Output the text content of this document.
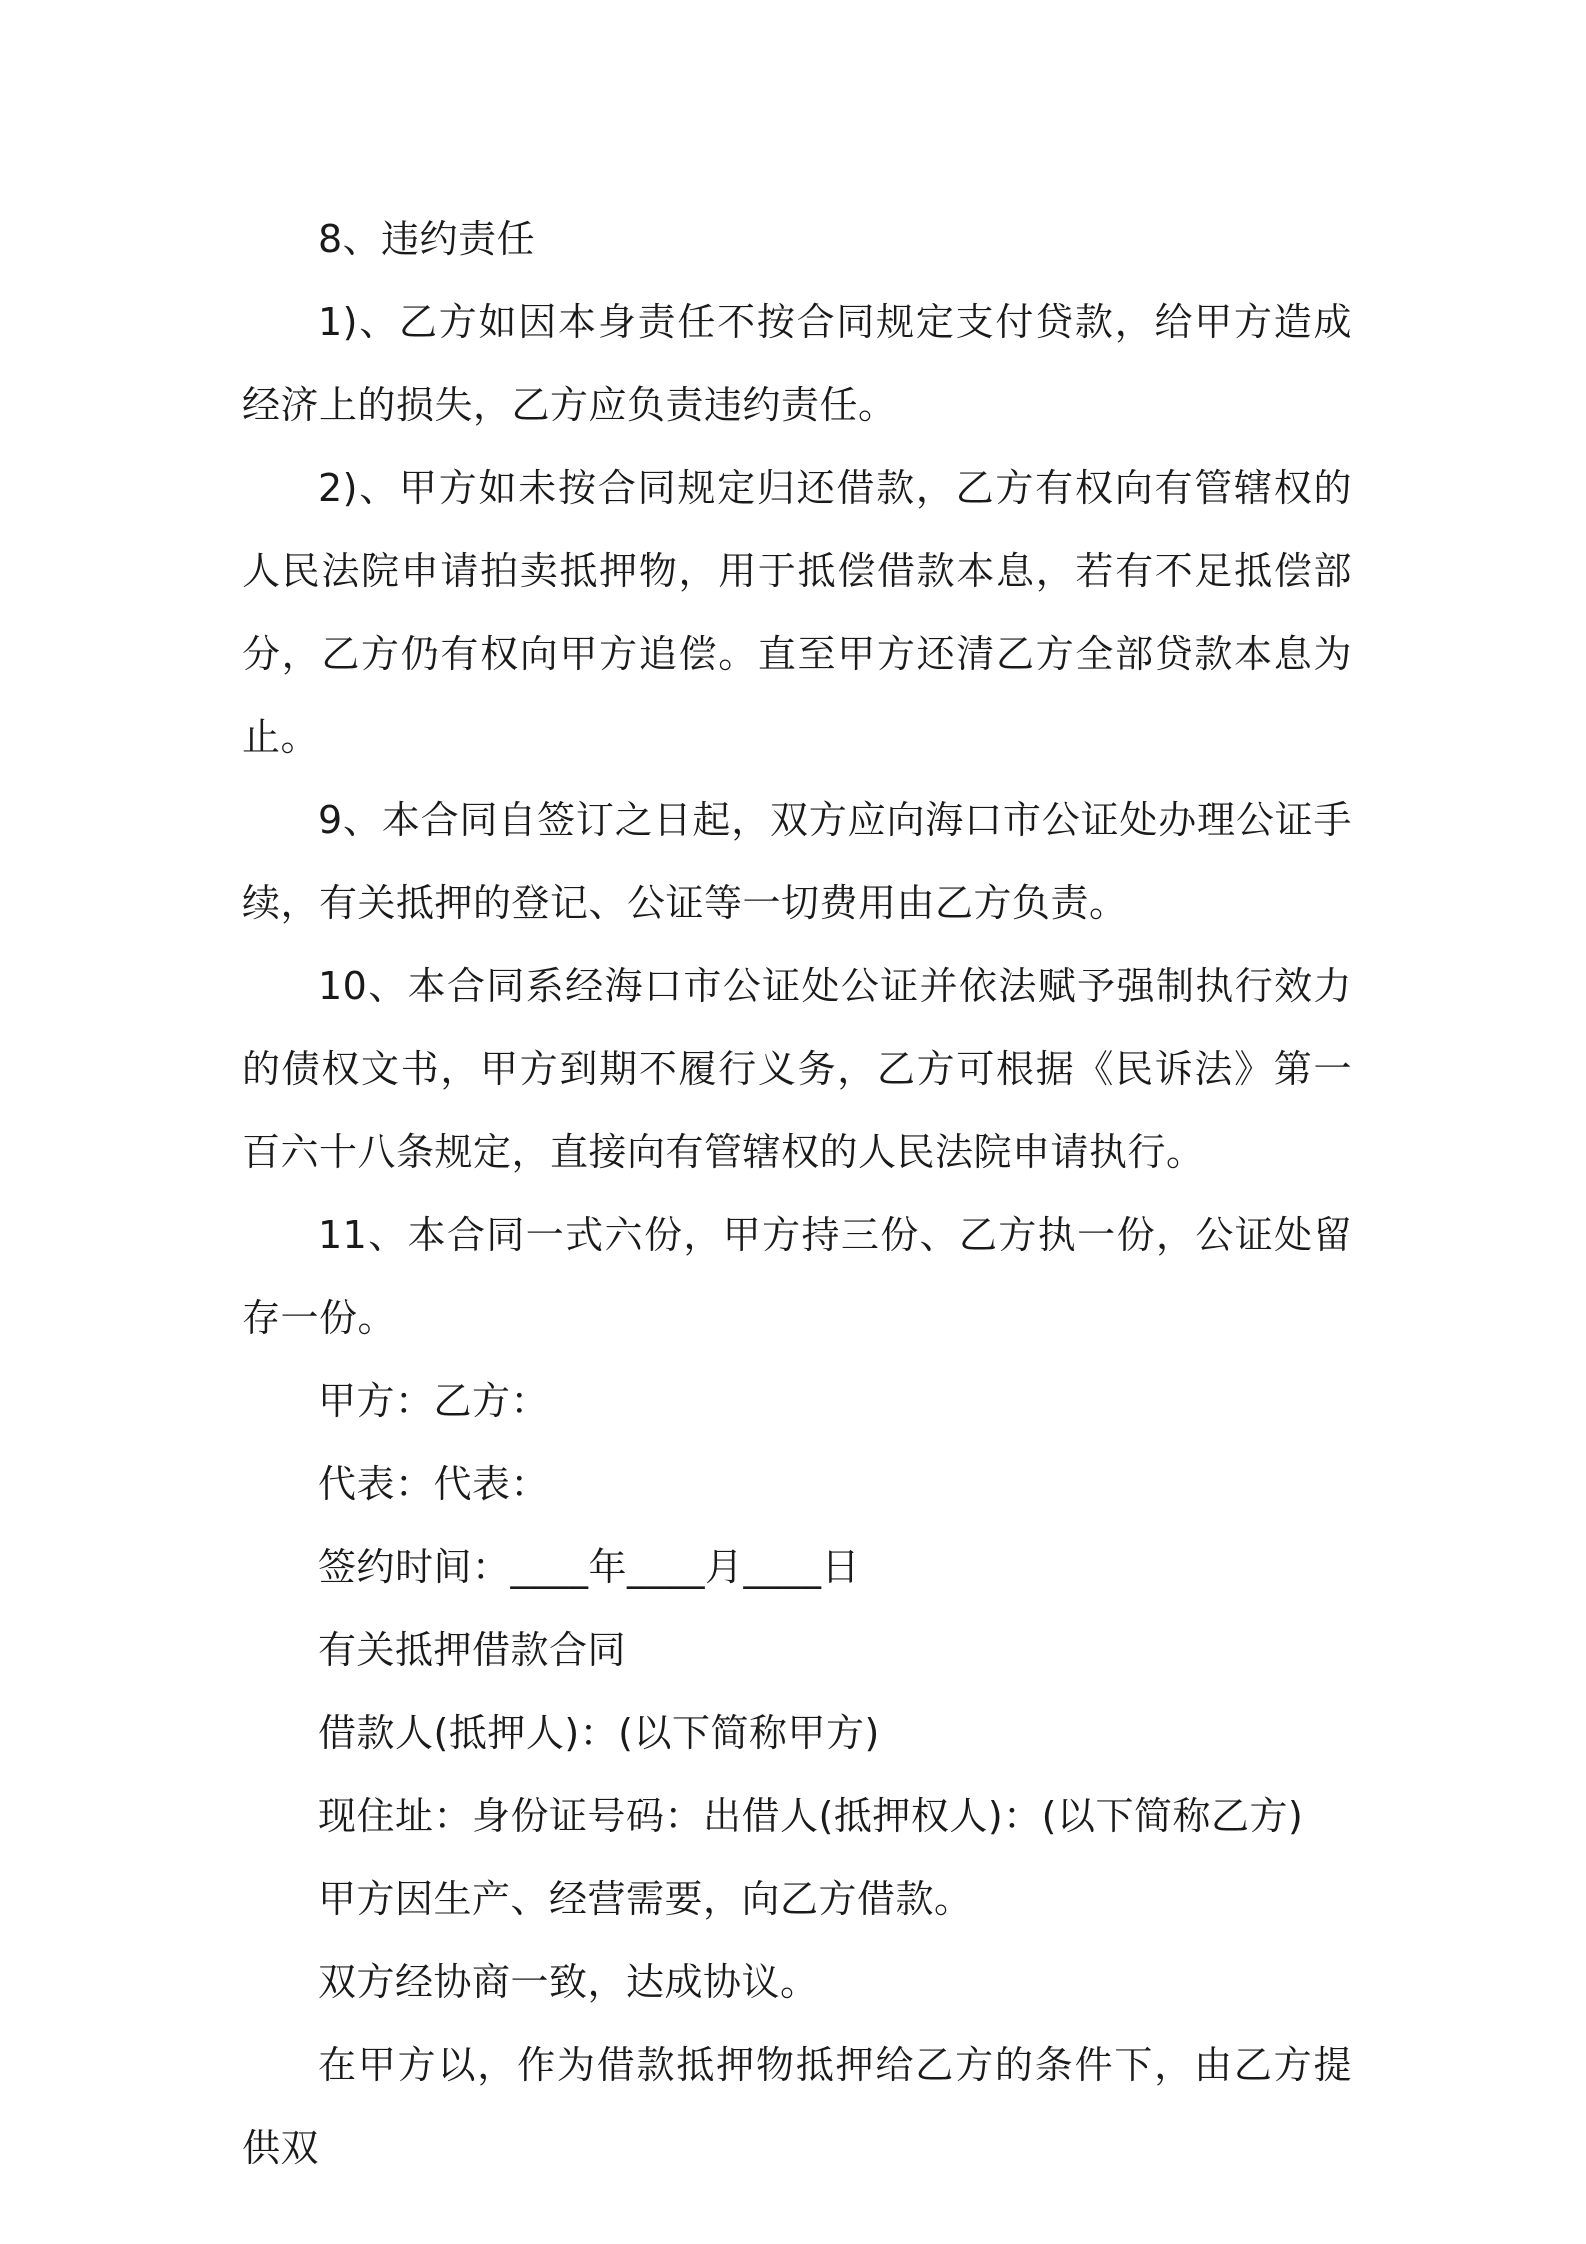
8、违约责任

1)、乙方如因本身责任不按合同规定支付贷款，给甲方造成经济上的损失，乙方应负责违约责任。

2)、甲方如未按合同规定归还借款，乙方有权向有管辖权的人民法院申请拍卖抵押物，用于抵偿借款本息，若有不足抵偿部分，乙方仍有权向甲方追偿。直至甲方还清乙方全部贷款本息为止。

9、本合同自签订之日起，双方应向海口市公证处办理公证手续，有关抵押的登记、公证等一切费用由乙方负责。

10、本合同系经海口市公证处公证并依法赋予强制执行效力的债权文书，甲方到期不履行义务，乙方可根据《民诉法》第一百六十八条规定，直接向有管辖权的人民法院申请执行。

11、本合同一式六份，甲方持三份、乙方执一份，公证处留存一份。

甲方：乙方：

代表：代表：

签约时间：____年____月____日

有关抵押借款合同

借款人(抵押人)：(以下简称甲方)

现住址：身份证号码：出借人(抵押权人)：(以下简称乙方)

甲方因生产、经营需要，向乙方借款。

双方经协商一致，达成协议。

在甲方以，作为借款抵押物抵押给乙方的条件下，由乙方提供双
